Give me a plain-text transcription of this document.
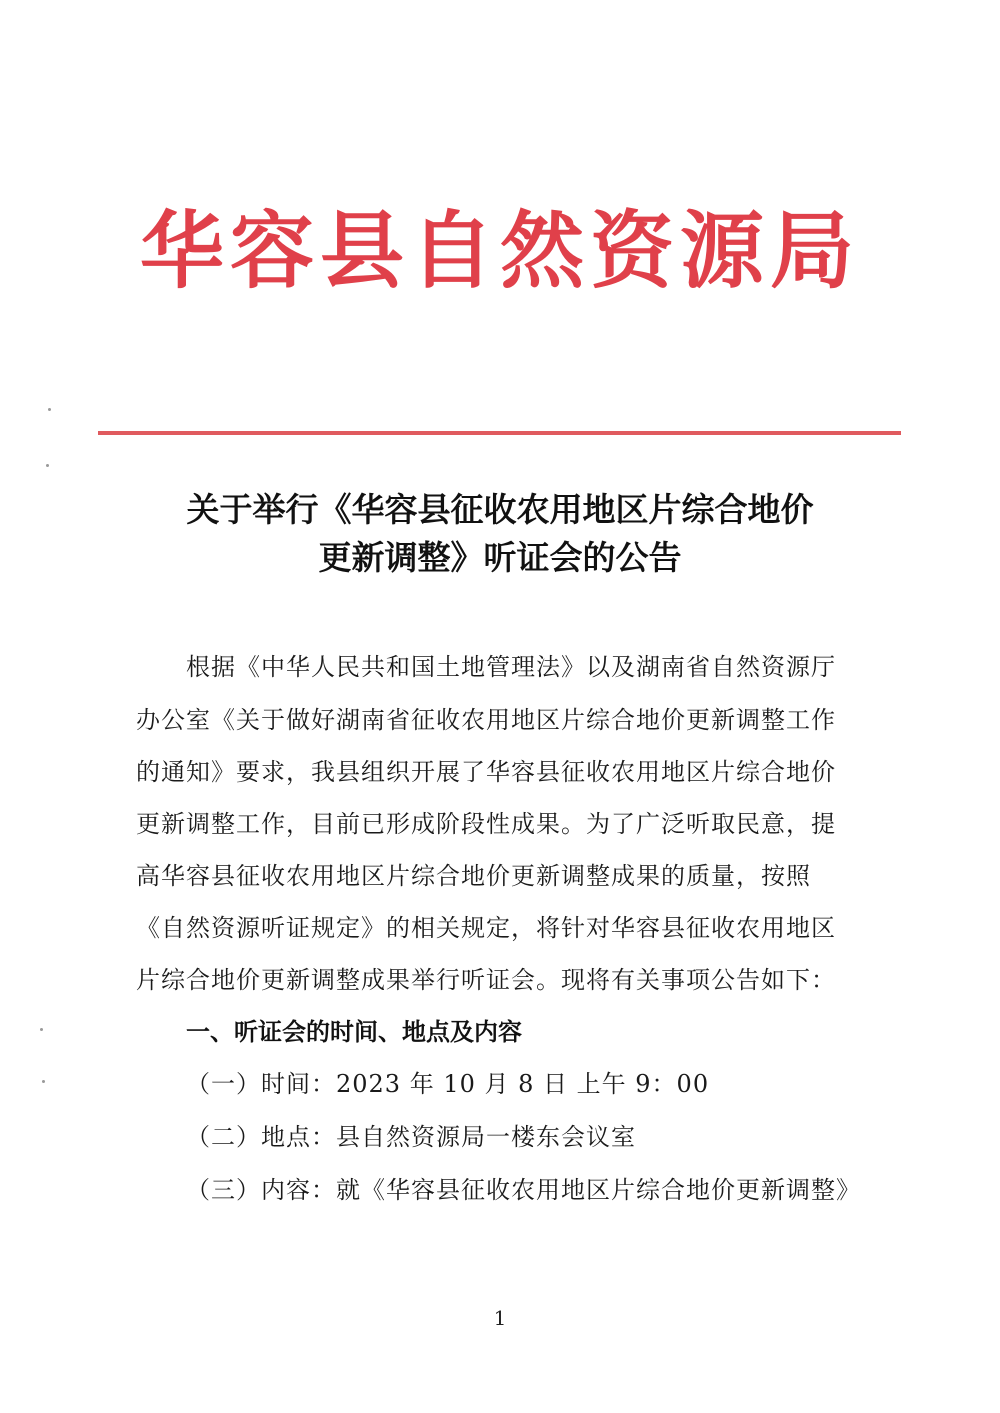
华容县自然资源局
关于举行《华容县征收农用地区片综合地价
更新调整》听证会的公告
根据《中华人民共和国土地管理法》以及湖南省自然资源厅
办公室《关于做好湖南省征收农用地区片综合地价更新调整工作
的通知》要求，我县组织开展了华容县征收农用地区片综合地价
更新调整工作，目前已形成阶段性成果。为了广泛听取民意，提
高华容县征收农用地区片综合地价更新调整成果的质量，按照
《自然资源听证规定》的相关规定，将针对华容县征收农用地区
片综合地价更新调整成果举行听证会。现将有关事项公告如下：
一、听证会的时间、地点及内容
（一）时间：2023 年 10 月 8 日 上午 9：00
（二）地点：县自然资源局一楼东会议室
（三）内容：就《华容县征收农用地区片综合地价更新调整》
1
